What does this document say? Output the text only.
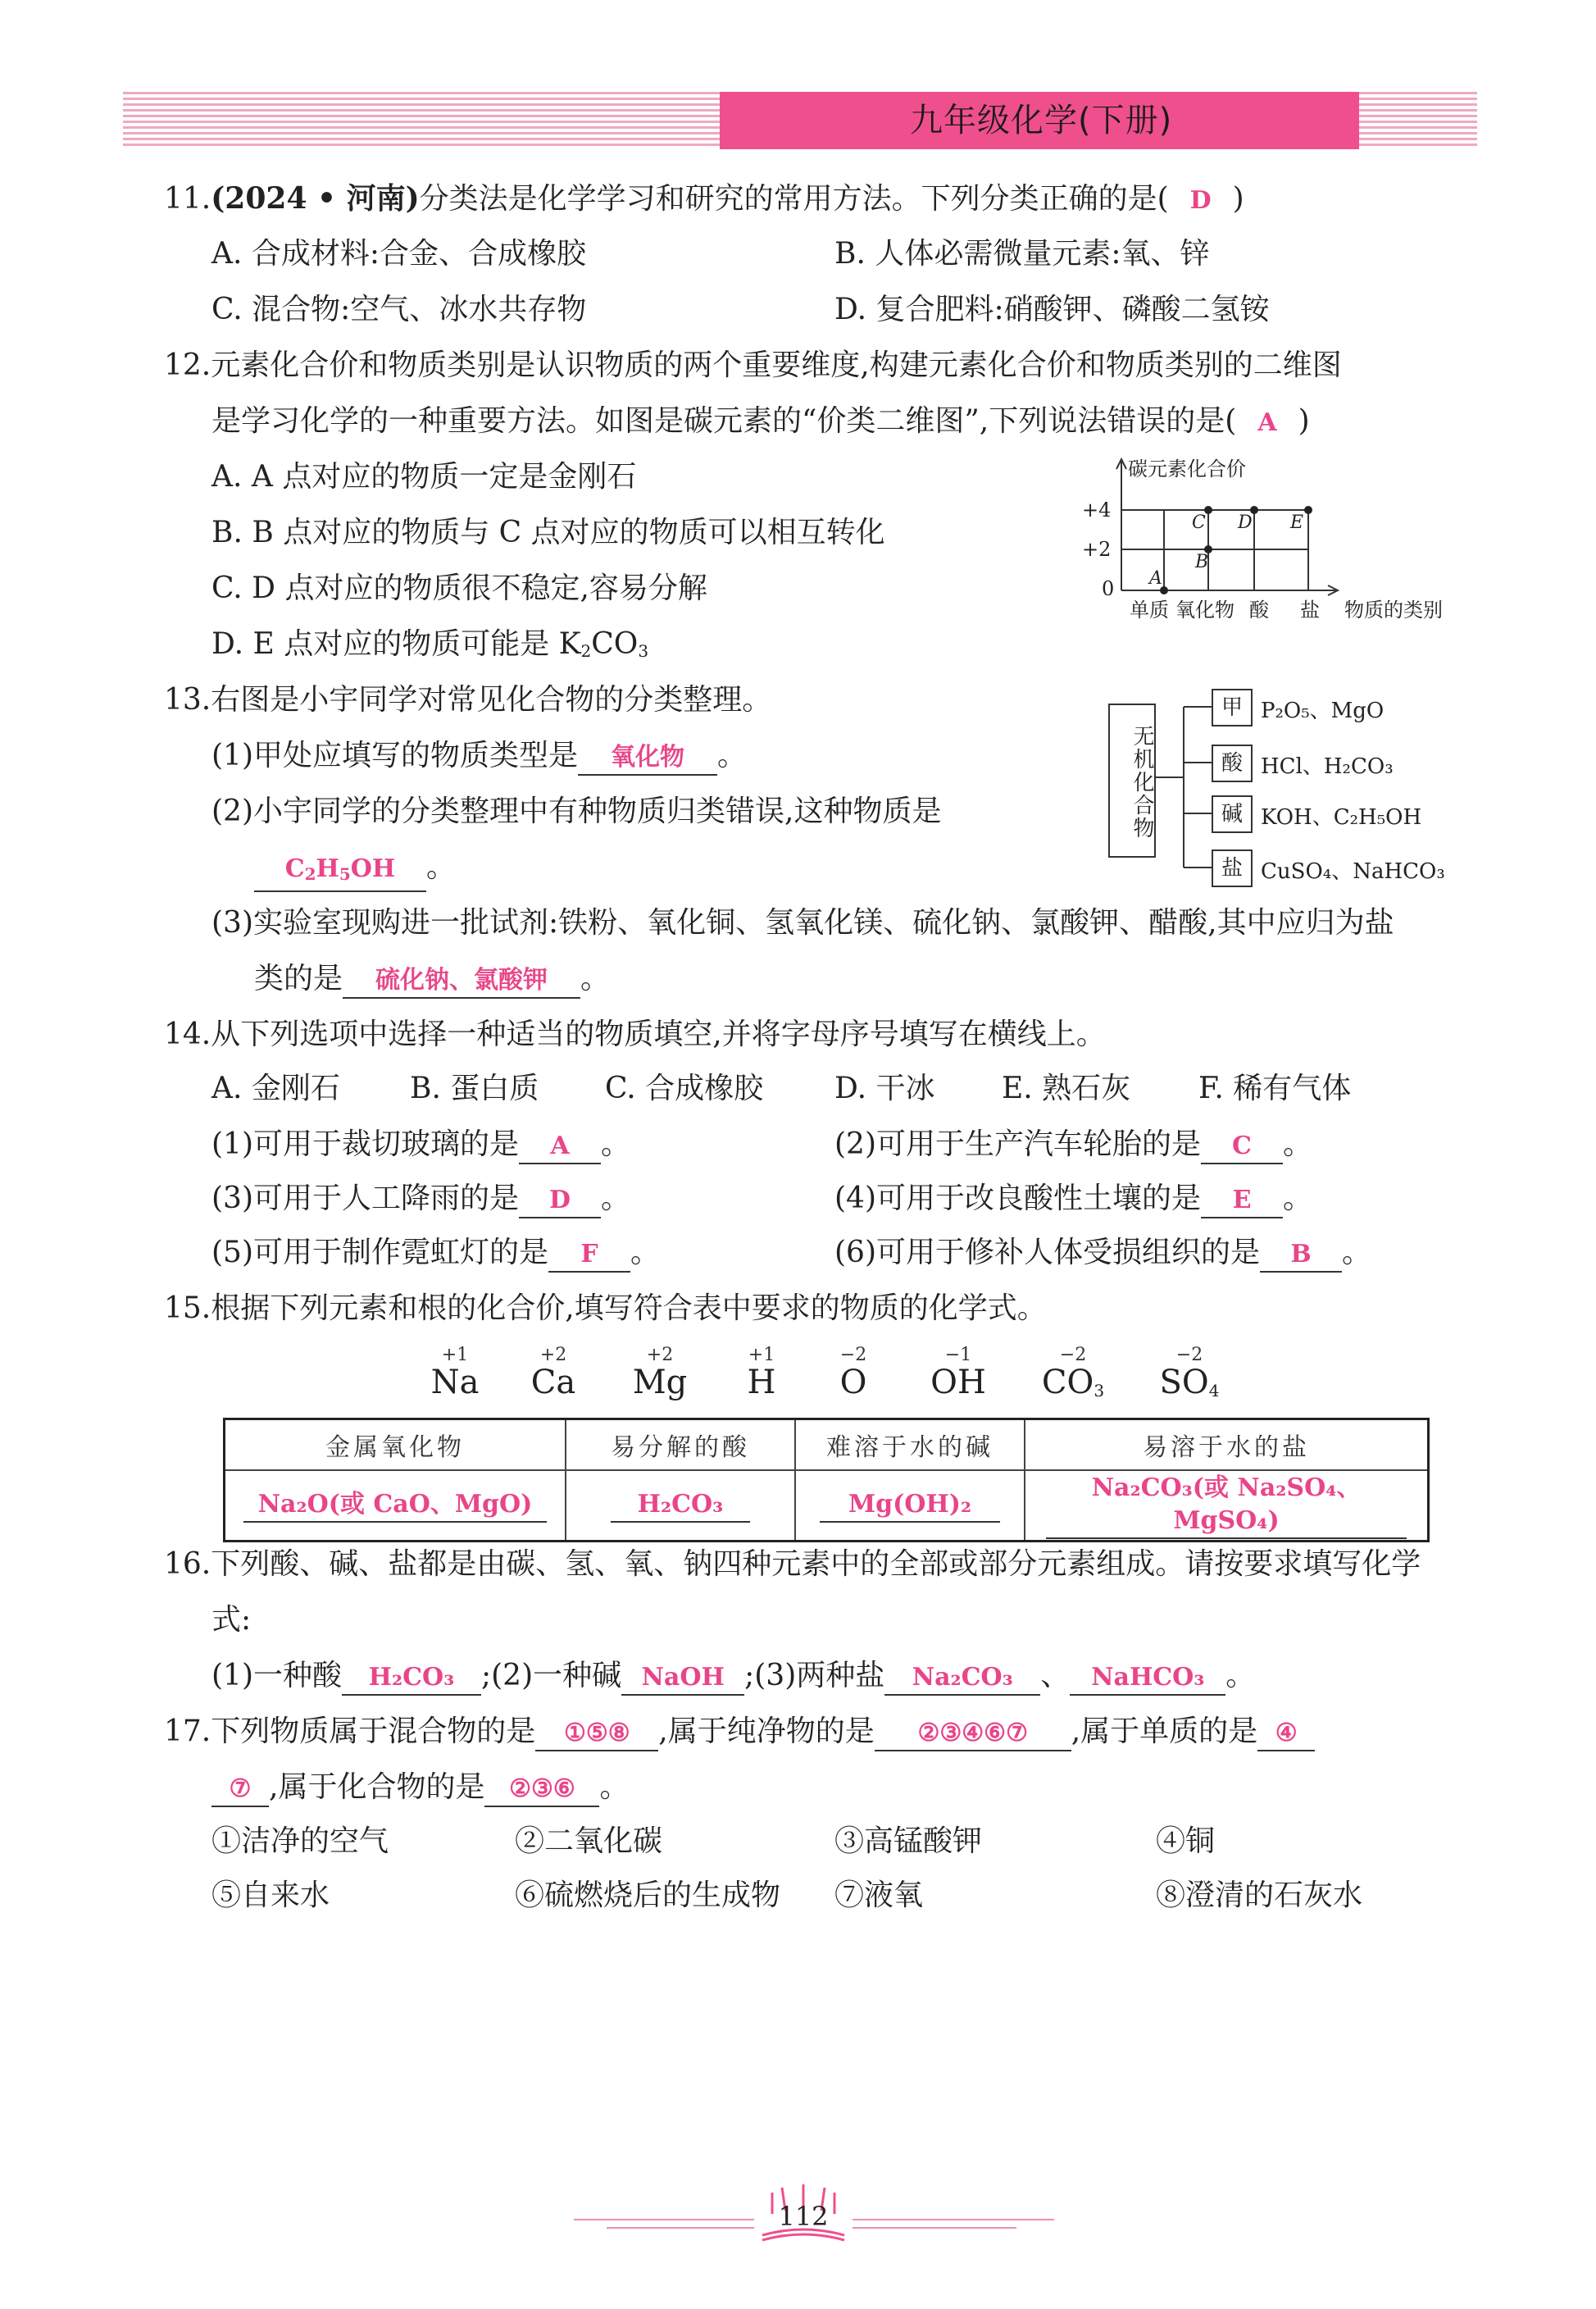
九年级化学(下册)
11.(2024 • 河南)分类法是化学学习和研究的常用方法。下列分类正确的是( D )
A. 合成材料:合金、合成橡胶	B. 人体必需微量元素:氧、锌
C. 混合物:空气、冰水共存物	D. 复合肥料:硝酸钾、磷酸二氢铵
12.元素化合价和物质类别是认识物质的两个重要维度,构建元素化合价和物质类别的二维图
是学习化学的一种重要方法。如图是碳元素的“价类二维图”,下列说法错误的是( A )
A. A 点对应的物质一定是金刚石
B. B 点对应的物质与 C 点对应的物质可以相互转化
C. D 点对应的物质很不稳定,容易分解
D. E 点对应的物质可能是 $K_2CO_3$
碳元素化合价
+4
+2
0
单质 氧化物 酸 盐 物质的类别
A
B
C D E
13.右图是小宇同学对常见化合物的分类整理。
(1)甲处应填写的物质类型是 氧化物 。
(2)小宇同学的分类整理中有种物质归类错误,这种物质是
$C_2H_5OH$ 。
(3)实验室现购进一批试剂:铁粉、氧化铜、氢氧化镁、硫化钠、氯酸钾、醋酸,其中应归为盐
类的是 硫化钠、氯酸钾 。
无机化合物
甲
酸
碱
盐
P₂O₅、MgO
HCl、H₂CO₃
KOH、C₂H₅OH
CuSO₄、NaHCO₃
14.从下列选项中选择一种适当的物质填空,并将字母序号填写在横线上。
A. 金刚石 B. 蛋白质 C. 合成橡胶 D. 干冰 E. 熟石灰 F. 稀有气体
(1)可用于裁切玻璃的是 A 。	(2)可用于生产汽车轮胎的是 C 。
(3)可用于人工降雨的是 D 。	(4)可用于改良酸性土壤的是 E 。
(5)可用于制作霓虹灯的是 F 。	(6)可用于修补人体受损组织的是 B 。
15.根据下列元素和根的化合价,填写符合表中要求的物质的化学式。
+1
Na
+2
Ca
+2
Mg
+1
H
−2
O
−1
OH
−2
$CO_3$
−2
$SO_4$
金属氧化物	易分解的酸	难溶于水的碱	易溶于水的盐
Na₂O(或 CaO、MgO)	H₂CO₃	Mg(OH)₂	Na₂CO₃(或 Na₂SO₄、MgSO₄)
16.下列酸、碱、盐都是由碳、氢、氧、钠四种元素中的全部或部分元素组成。请按要求填写化学
式:
(1)一种酸 H₂CO₃ ;(2)一种碱 NaOH ;(3)两种盐 Na₂CO₃ 、 NaHCO₃ 。
17.下列物质属于混合物的是 ①⑤⑧ ,属于纯净物的是 ②③④⑥⑦ ,属于单质的是 ④
⑦ ,属于化合物的是 ②③⑥ 。
①洁净的空气	②二氧化碳	③高锰酸钾	④铜
⑤自来水	⑥硫燃烧后的生成物 ⑦液氧	⑧澄清的石灰水
112
